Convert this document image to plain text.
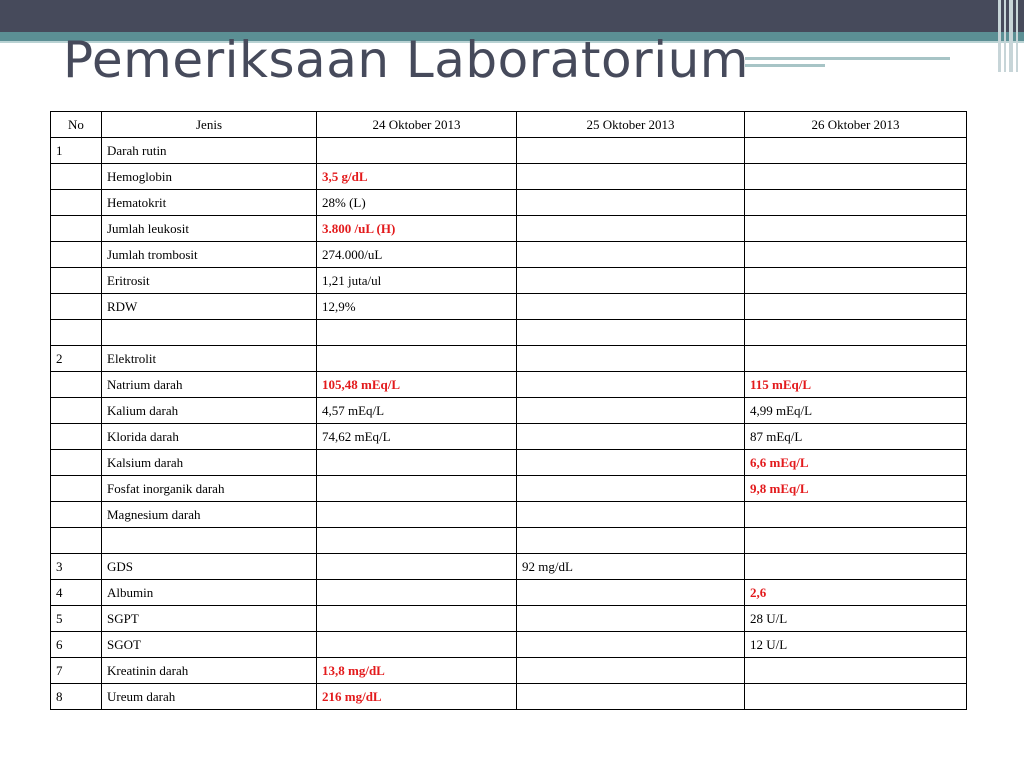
Pemeriksaan Laboratorium
No	Jenis	24 Oktober 2013	25 Oktober 2013	26 Oktober 2013
1	Darah rutin			
	Hemoglobin	3,5 g/dL		
	Hematokrit	28% (L)		
	Jumlah leukosit	3.800 /uL (H)		
	Jumlah trombosit	274.000/uL		
	Eritrosit	1,21 juta/ul		
	RDW	12,9%		

2	Elektrolit			
	Natrium darah	105,48 mEq/L		115 mEq/L
	Kalium darah	4,57 mEq/L		4,99 mEq/L
	Klorida darah	74,62 mEq/L		87 mEq/L
	Kalsium darah			6,6 mEq/L
	Fosfat inorganik darah			9,8 mEq/L
	Magnesium darah			

3	GDS		92 mg/dL	
4	Albumin			2,6
5	SGPT			28 U/L
6	SGOT			12 U/L
7	Kreatinin darah	13,8 mg/dL		
8	Ureum darah	216 mg/dL		
